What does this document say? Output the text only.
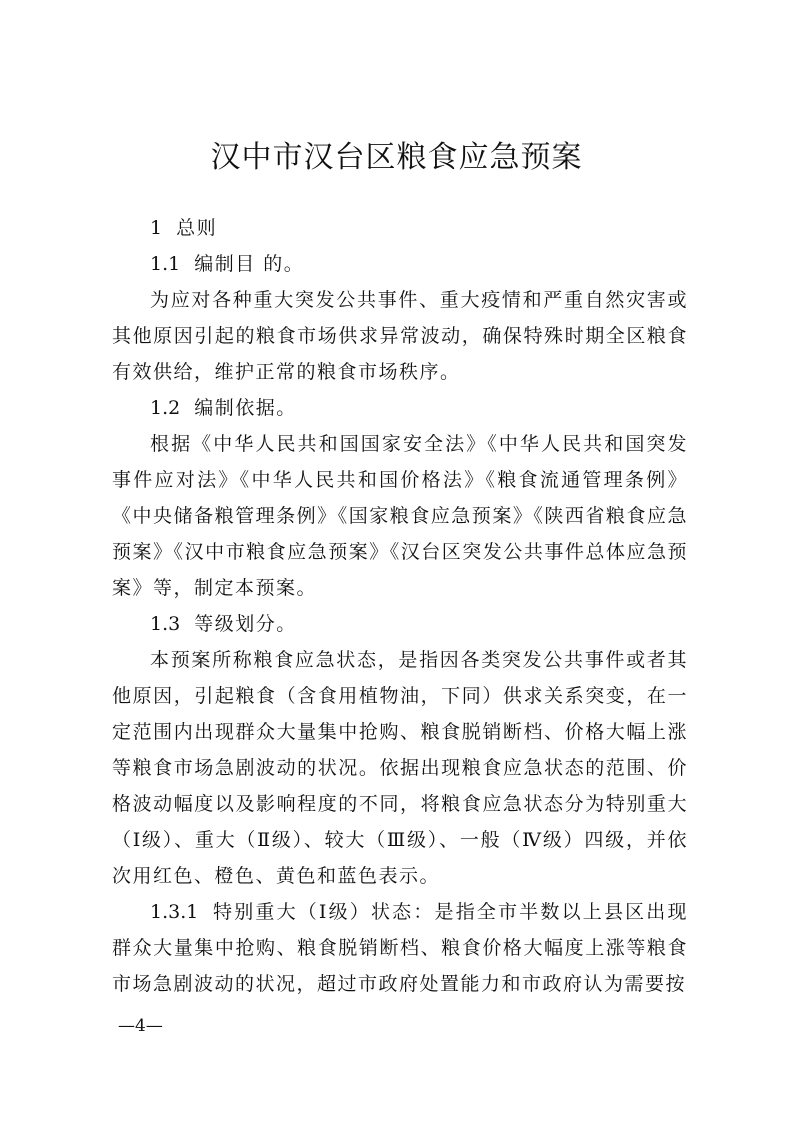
汉中市汉台区粮食应急预案

1 总则

1.1 编制目 的。

为应对各种重大突发公共事件、重大疫情和严重自然灾害或其他原因引起的粮食市场供求异常波动，确保特殊时期全区粮食有效供给，维护正常的粮食市场秩序。

1.2 编制依据。

根据《中华人民共和国国家安全法》《中华人民共和国突发事件应对法》《中华人民共和国价格法》《粮食流通管理条例》《中央储备粮管理条例》《国家粮食应急预案》《陕西省粮食应急预案》《汉中市粮食应急预案》《汉台区突发公共事件总体应急预案》等，制定本预案。

1.3 等级划分。

本预案所称粮食应急状态，是指因各类突发公共事件或者其他原因，引起粮食（含食用植物油，下同）供求关系突变，在一定范围内出现群众大量集中抢购、粮食脱销断档、价格大幅上涨等粮食市场急剧波动的状况。依据出现粮食应急状态的范围、价格波动幅度以及影响程度的不同，将粮食应急状态分为特别重大（Ⅰ级）、重大（Ⅱ级）、较大（Ⅲ级）、一般（Ⅳ级）四级，并依次用红色、橙色、黄色和蓝色表示。

1.3.1 特别重大（Ⅰ级）状态：是指全市半数以上县区出现群众大量集中抢购、粮食脱销断档、粮食价格大幅度上涨等粮食市场急剧波动的状况，超过市政府处置能力和市政府认为需要按

—4—
